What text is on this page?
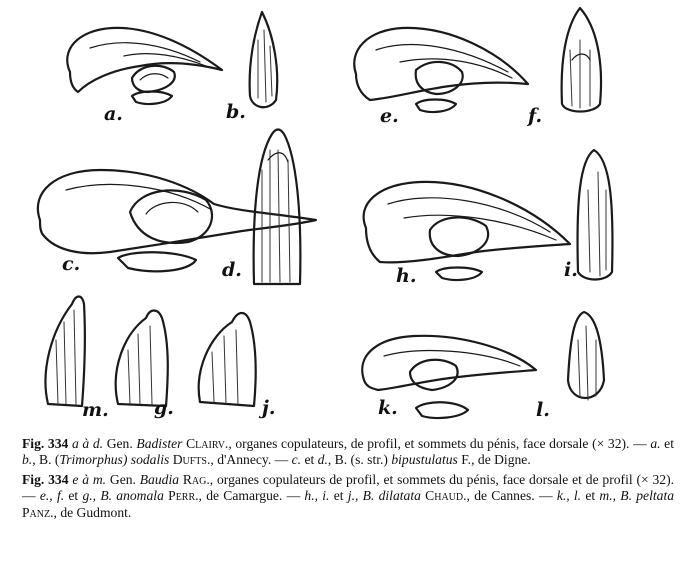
a.	b.	e.	f.
c.	d.	h.	i.
m. g.	j.	k.	l.

Fig. 334 a à d. Gen. Badister Clairv., organes copulateurs, de profil, et sommets du pénis, face dorsale (× 32). — a. et b., B. (Trimorphus) sodalis Dufts., d'Annecy. — c. et d., B. (s. str.) bipustulatus F., de Digne.

Fig. 334 e à m. Gen. Baudia Rag., organes copulateurs de profil, et sommets du pénis, face dorsale et de profil (× 32). — e., f. et g., B. anomala Perr., de Camargue. — h., i. et j., B. dilatata Chaud., de Cannes. — k., l. et m., B. peltata Panz., de Gudmont.
